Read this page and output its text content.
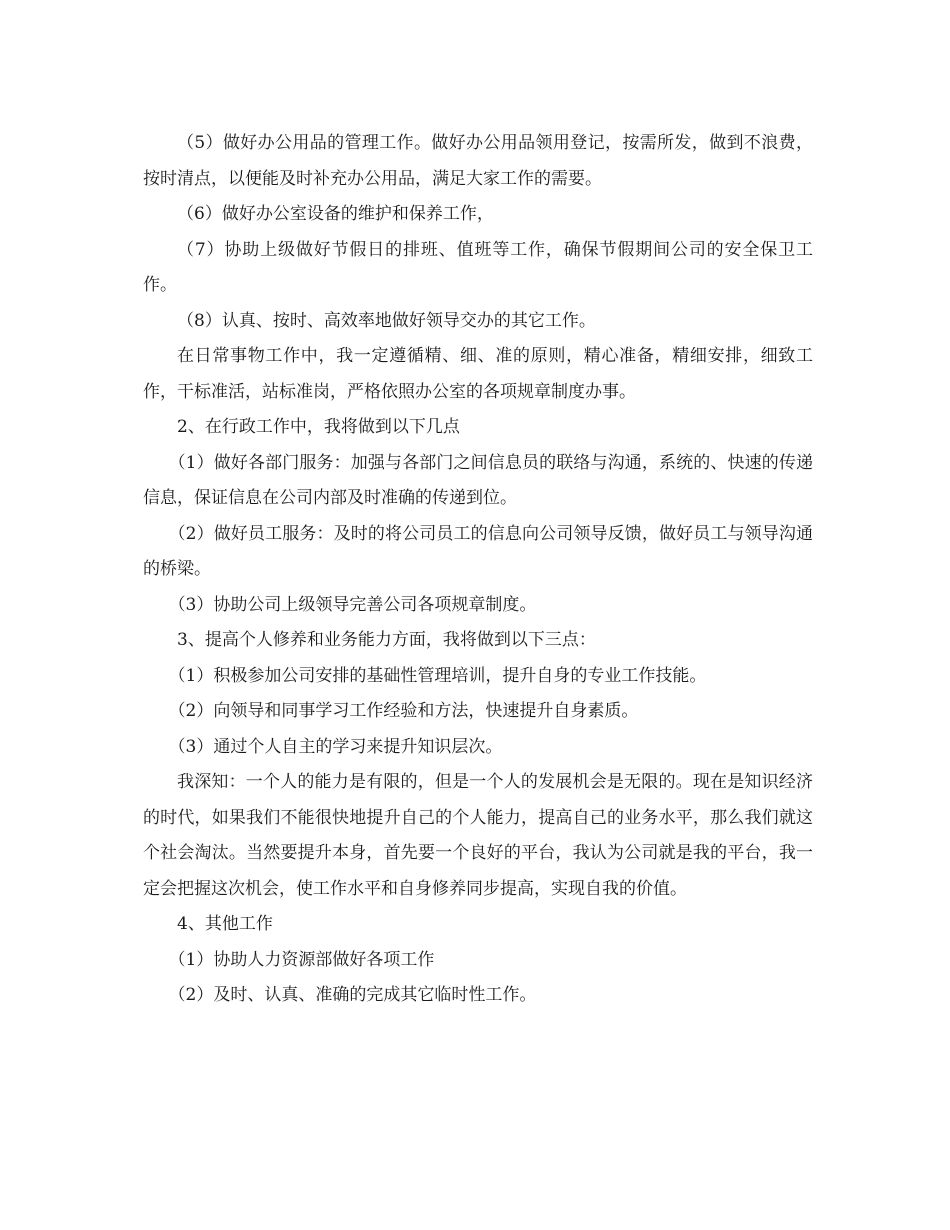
（5）做好办公用品的管理工作。做好办公用品领用登记，按需所发，做到不浪费，按时清点，以便能及时补充办公用品，满足大家工作的需要。

（6）做好办公室设备的维护和保养工作，

（7）协助上级做好节假日的排班、值班等工作，确保节假期间公司的安全保卫工作。

（8）认真、按时、高效率地做好领导交办的其它工作。

在日常事物工作中，我一定遵循精、细、准的原则，精心准备，精细安排，细致工作，干标准活，站标准岗，严格依照办公室的各项规章制度办事。

2、在行政工作中，我将做到以下几点

（1）做好各部门服务：加强与各部门之间信息员的联络与沟通，系统的、快速的传递信息，保证信息在公司内部及时准确的传递到位。

（2）做好员工服务：及时的将公司员工的信息向公司领导反馈，做好员工与领导沟通的桥梁。

（3）协助公司上级领导完善公司各项规章制度。

3、提高个人修养和业务能力方面，我将做到以下三点：

（1）积极参加公司安排的基础性管理培训，提升自身的专业工作技能。

（2）向领导和同事学习工作经验和方法，快速提升自身素质。

（3）通过个人自主的学习来提升知识层次。

我深知：一个人的能力是有限的，但是一个人的发展机会是无限的。现在是知识经济的时代，如果我们不能很快地提升自己的个人能力，提高自己的业务水平，那么我们就这个社会淘汰。当然要提升本身，首先要一个良好的平台，我认为公司就是我的平台，我一定会把握这次机会，使工作水平和自身修养同步提高，实现自我的价值。

4、其他工作

（1）协助人力资源部做好各项工作

（2）及时、认真、准确的完成其它临时性工作。
